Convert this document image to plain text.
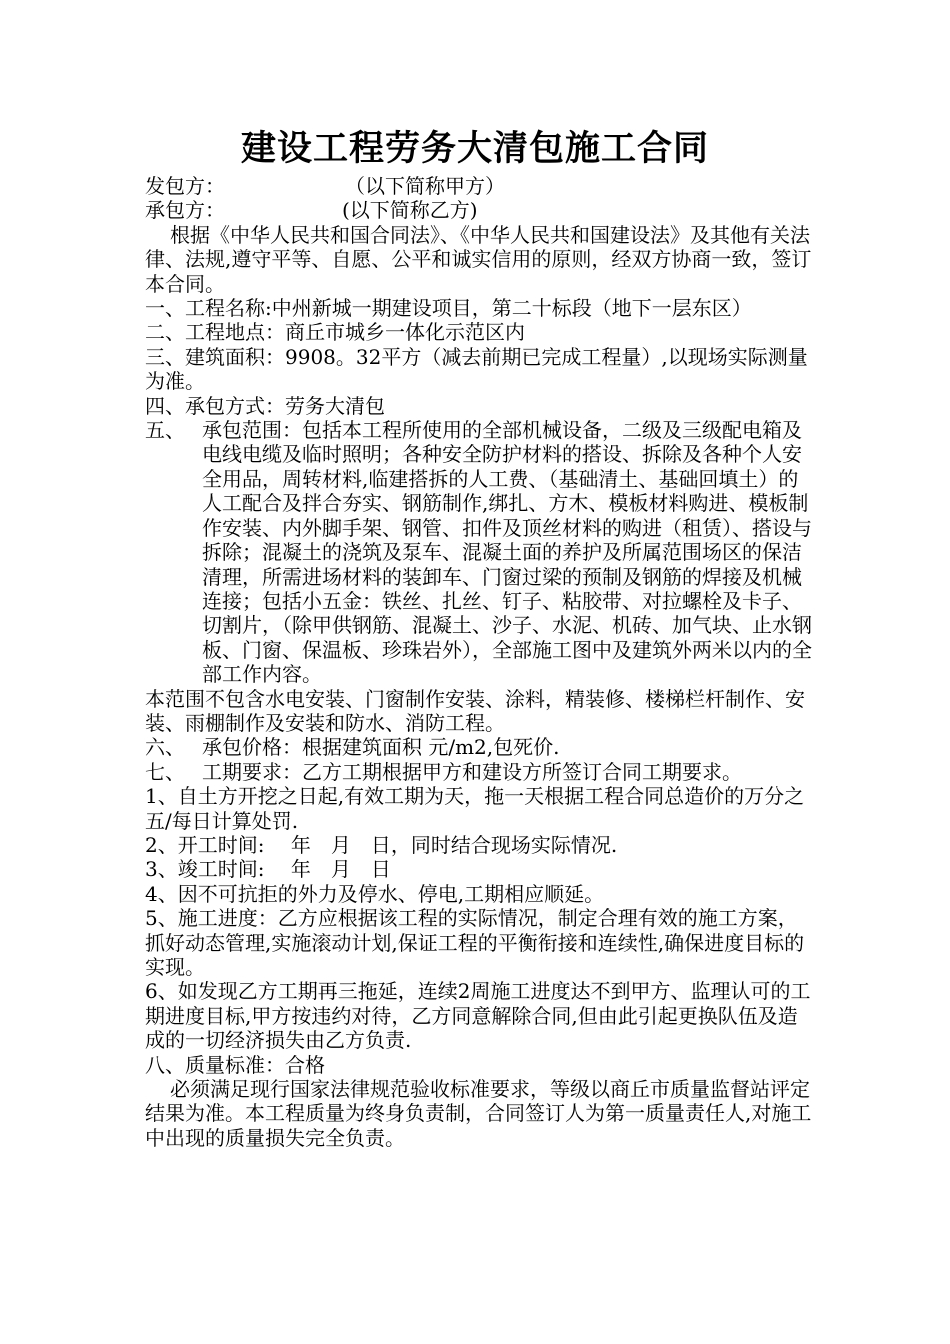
建设工程劳务大清包施工合同
发包方：	（以下简称甲方）
承包方：	(以下简称乙方)

根据《中华人民共和国合同法》、《中华人民共和国建设法》及其他有关法律、法规,遵守平等、自愿、公平和诚实信用的原则，经双方协商一致，签订本合同。

一、工程名称:中州新城一期建设项目，第二十标段（地下一层东区）

二、工程地点：商丘市城乡一体化示范区内

三、建筑面积：9908。32平方（减去前期已完成工程量）,以现场实际测量为准。

四、承包方式：劳务大清包

五、 承包范围：包括本工程所使用的全部机械设备，二级及三级配电箱及电线电缆及临时照明；各种安全防护材料的搭设、拆除及各种个人安全用品，周转材料,临建搭拆的人工费、（基础清土、基础回填土）的人工配合及拌合夯实、钢筋制作,绑扎、方木、模板材料购进、模板制作安装、内外脚手架、钢管、扣件及顶丝材料的购进（租赁）、搭设与拆除；混凝土的浇筑及泵车、混凝土面的养护及所属范围场区的保洁清理，所需进场材料的装卸车、门窗过梁的预制及钢筋的焊接及机械连接；包括小五金：铁丝、扎丝、钉子、粘胶带、对拉螺栓及卡子、切割片，（除甲供钢筋、混凝土、沙子、水泥、机砖、加气块、止水钢板、门窗、保温板、珍珠岩外），全部施工图中及建筑外两米以内的全部工作内容。

本范围不包含水电安装、门窗制作安装、涂料，精装修、楼梯栏杆制作、安装、雨棚制作及安装和防水、消防工程。

六、 承包价格：根据建筑面积 元/m2,包死价.
七、 工期要求：乙方工期根据甲方和建设方所签订合同工期要求。

1、自土方开挖之日起,有效工期为天，拖一天根据工程合同总造价的万分之五/每日计算处罚.

2、开工时间:　 年　月　日，同时结合现场实际情况.

3、竣工时间:　 年　月　日

4、因不可抗拒的外力及停水、停电,工期相应顺延。

5、施工进度：乙方应根据该工程的实际情况，制定合理有效的施工方案，抓好动态管理,实施滚动计划,保证工程的平衡衔接和连续性,确保进度目标的实现。

6、如发现乙方工期再三拖延，连续2周施工进度达不到甲方、监理认可的工期进度目标,甲方按违约对待，乙方同意解除合同,但由此引起更换队伍及造成的一切经济损失由乙方负责.

八、质量标准：合格

必须满足现行国家法律规范验收标准要求，等级以商丘市质量监督站评定结果为准。本工程质量为终身负责制，合同签订人为第一质量责任人,对施工中出现的质量损失完全负责。
